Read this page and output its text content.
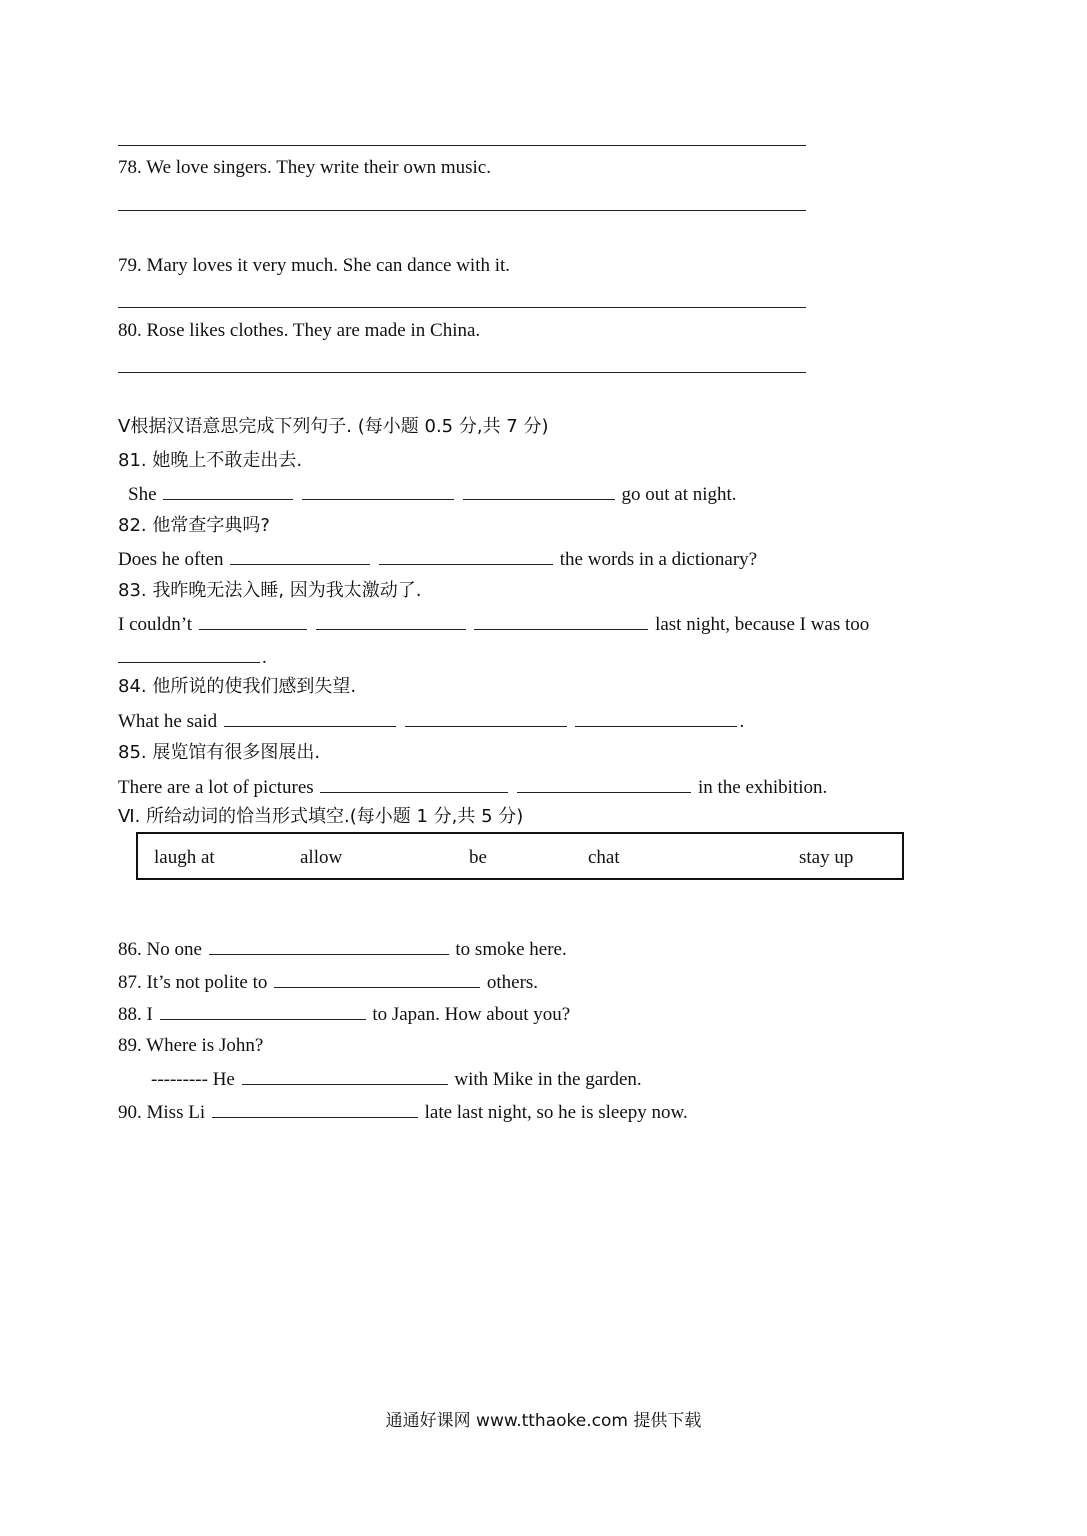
78. We love singers. They write their own music.
79. Mary loves it very much. She can dance with it.
80. Rose likes clothes. They are made in China.
Ⅴ根据汉语意思完成下列句子. (每小题 0.5 分,共 7 分)
81. 她晚上不敢走出去.
She	go out at night.
82. 他常查字典吗?
Does he often	the words in a dictionary?
83. 我昨晚无法入睡, 因为我太激动了.
I couldn’t	last night, because I was too
.
84. 他所说的使我们感到失望.
What he said	.
85. 展览馆有很多图展出.
There are a lot of pictures	in the exhibition.
Ⅵ. 所给动词的恰当形式填空.(每小题 1 分,共 5 分)
laugh at	allow	be	chat	stay up
86. No one	to smoke here.
87. It’s not polite to	others.
88. I	to Japan. How about you?
89. Where is John?
--------- He	with Mike in the garden.
90. Miss Li	late last night, so he is sleepy now.
通通好课网 www.tthaoke.com 提供下载
